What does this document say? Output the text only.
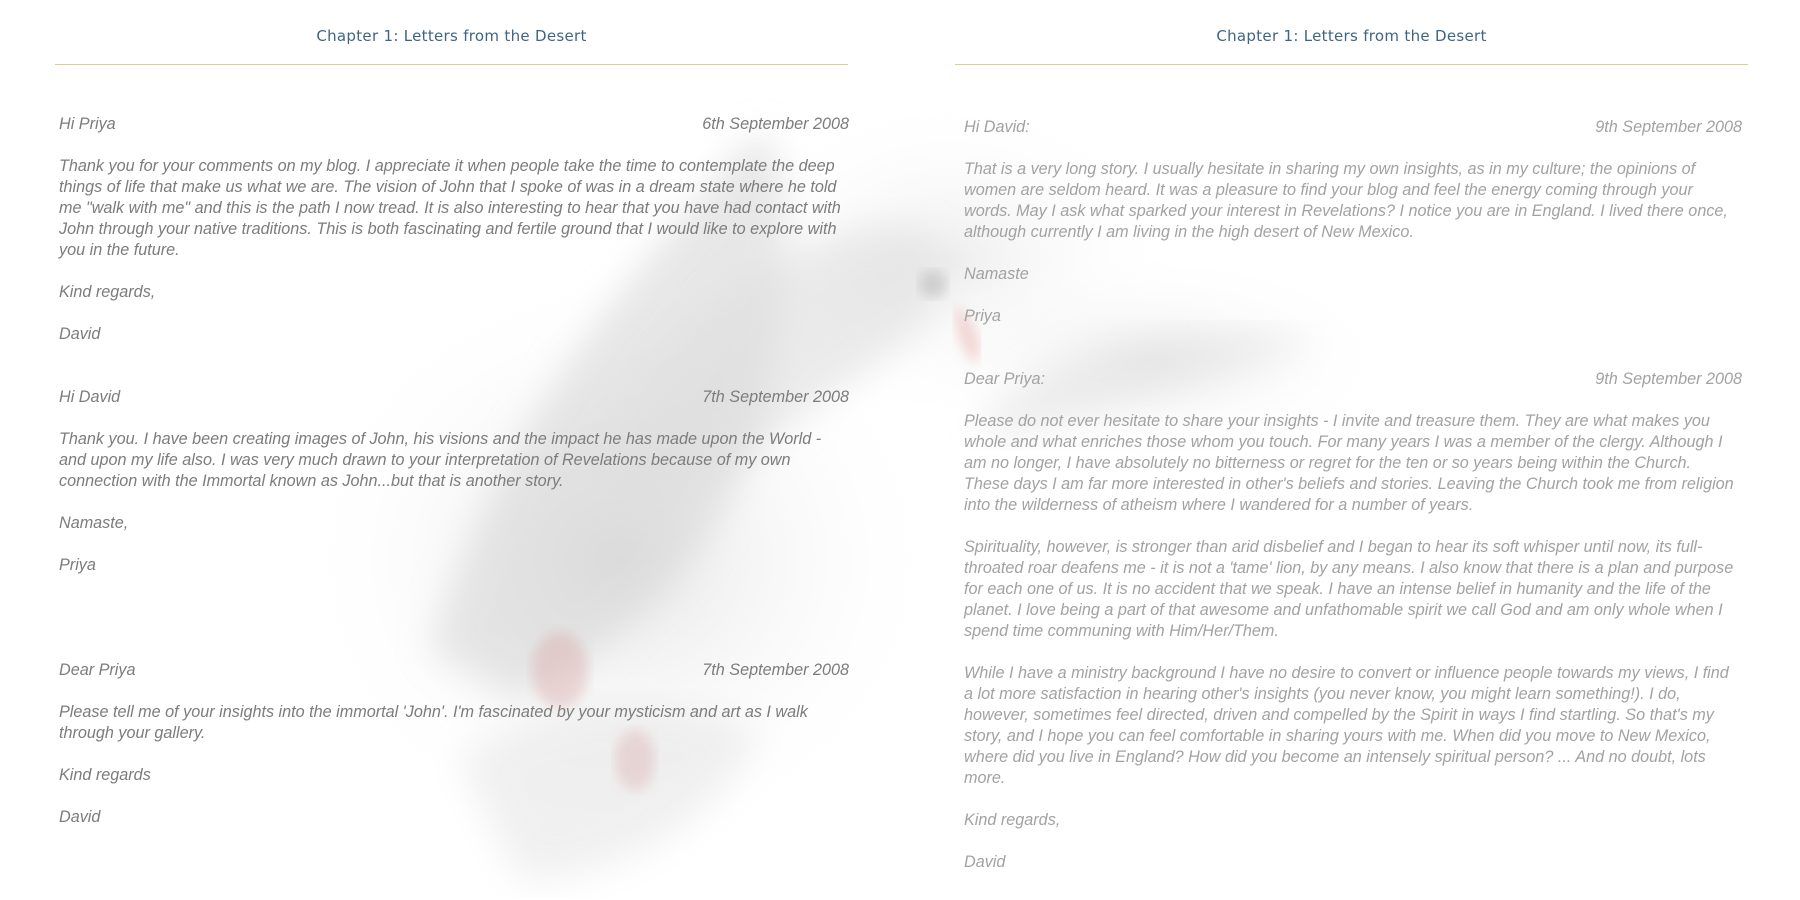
Chapter 1: Letters from the Desert
Hi Priya	6th September 2008

Thank you for your comments on my blog. I appreciate it when people take the time to contemplate the deep things of life that make us what we are. The vision of John that I spoke of was in a dream state where he told me "walk with me" and this is the path I now tread. It is also interesting to hear that you have had contact with John through your native traditions. This is both fascinating and fertile ground that I would like to explore with you in the future.

Kind regards,

David

Hi David	7th September 2008

Thank you. I have been creating images of John, his visions and the impact he has made upon the World - and upon my life also. I was very much drawn to your interpretation of Revelations because of my own connection with the Immortal known as John...but that is another story.

Namaste,

Priya

Dear Priya	7th September 2008

Please tell me of your insights into the immortal 'John'. I'm fascinated by your mysticism and art as I walk through your gallery.

Kind regards

David

Chapter 1: Letters from the Desert
Hi David:	9th September 2008

That is a very long story. I usually hesitate in sharing my own insights, as in my culture; the opinions of women are seldom heard. It was a pleasure to find your blog and feel the energy coming through your words. May I ask what sparked your interest in Revelations? I notice you are in England. I lived there once, although currently I am living in the high desert of New Mexico.

Namaste

Priya

Dear Priya:	9th September 2008

Please do not ever hesitate to share your insights - I invite and treasure them. They are what makes you whole and what enriches those whom you touch. For many years I was a member of the clergy. Although I am no longer, I have absolutely no bitterness or regret for the ten or so years being within the Church. These days I am far more interested in other's beliefs and stories. Leaving the Church took me from religion into the wilderness of atheism where I wandered for a number of years.

Spirituality, however, is stronger than arid disbelief and I began to hear its soft whisper until now, its full-throated roar deafens me - it is not a 'tame' lion, by any means. I also know that there is a plan and purpose for each one of us. It is no accident that we speak. I have an intense belief in humanity and the life of the planet. I love being a part of that awesome and unfathomable spirit we call God and am only whole when I spend time communing with Him/Her/Them.

While I have a ministry background I have no desire to convert or influence people towards my views, I find a lot more satisfaction in hearing other's insights (you never know, you might learn something!). I do, however, sometimes feel directed, driven and compelled by the Spirit in ways I find startling. So that's my story, and I hope you can feel comfortable in sharing yours with me. When did you move to New Mexico, where did you live in England? How did you become an intensely spiritual person? ... And no doubt, lots more.

Kind regards,

David
